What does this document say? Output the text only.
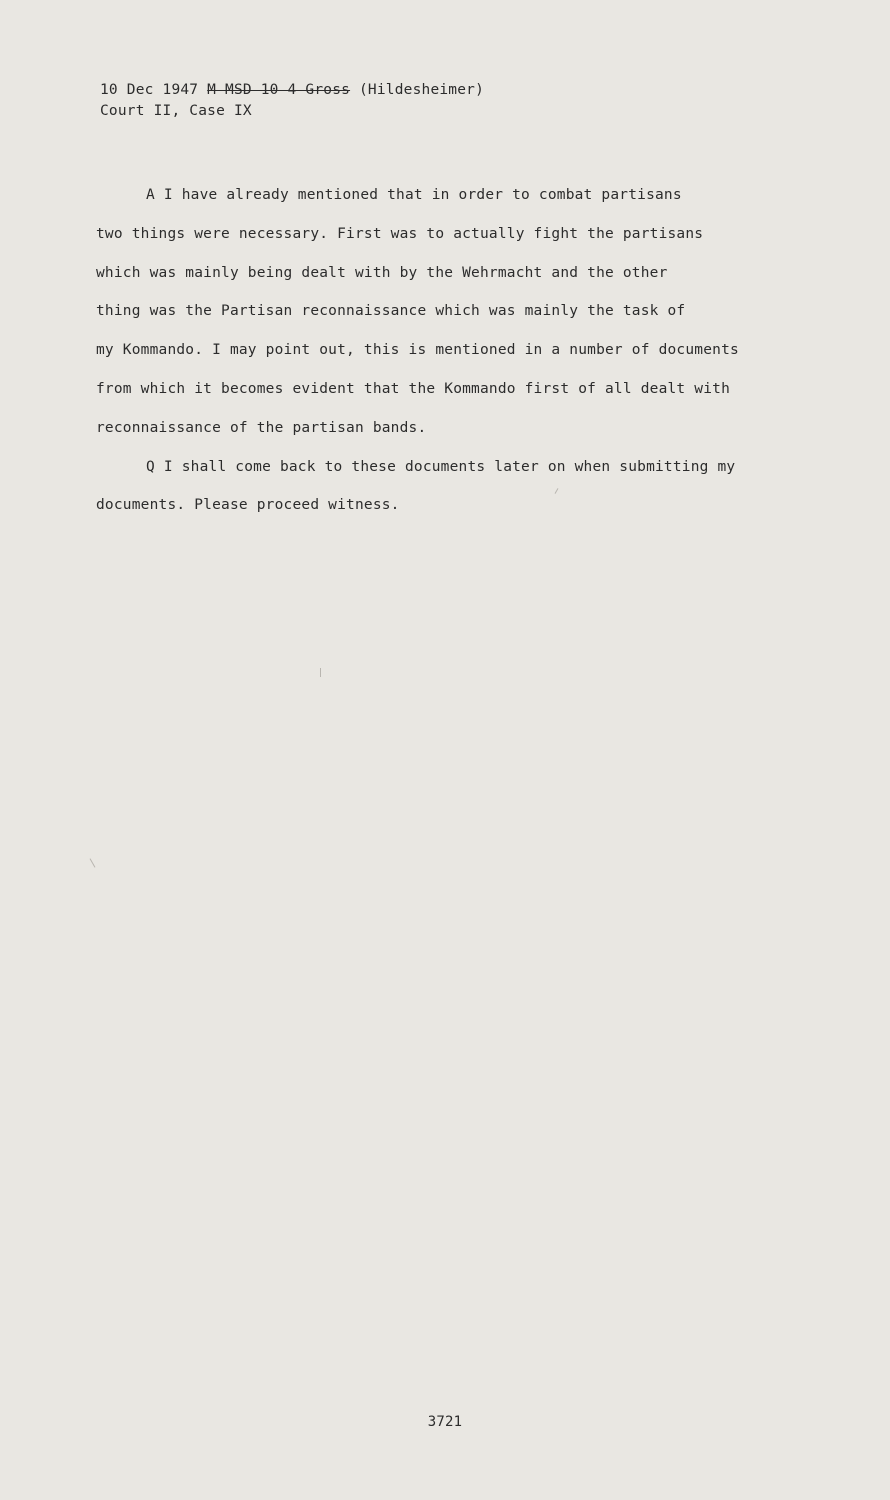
10 Dec 1947 M MSD 10 4 Gross (Hildesheimer)
Court II, Case IX
A I have already mentioned that in order to combat partisans
two things were necessary. First was to actually fight the partisans
which was mainly being dealt with by the Wehrmacht and the other
thing was the Partisan reconnaissance which was mainly the task of
my Kommando. I may point out, this is mentioned in a number of documents
from which it becomes evident that the Kommando first of all dealt with
reconnaissance of the partisan bands.
Q I shall come back to these documents later on when submitting my
documents. Please proceed witness.
3721
